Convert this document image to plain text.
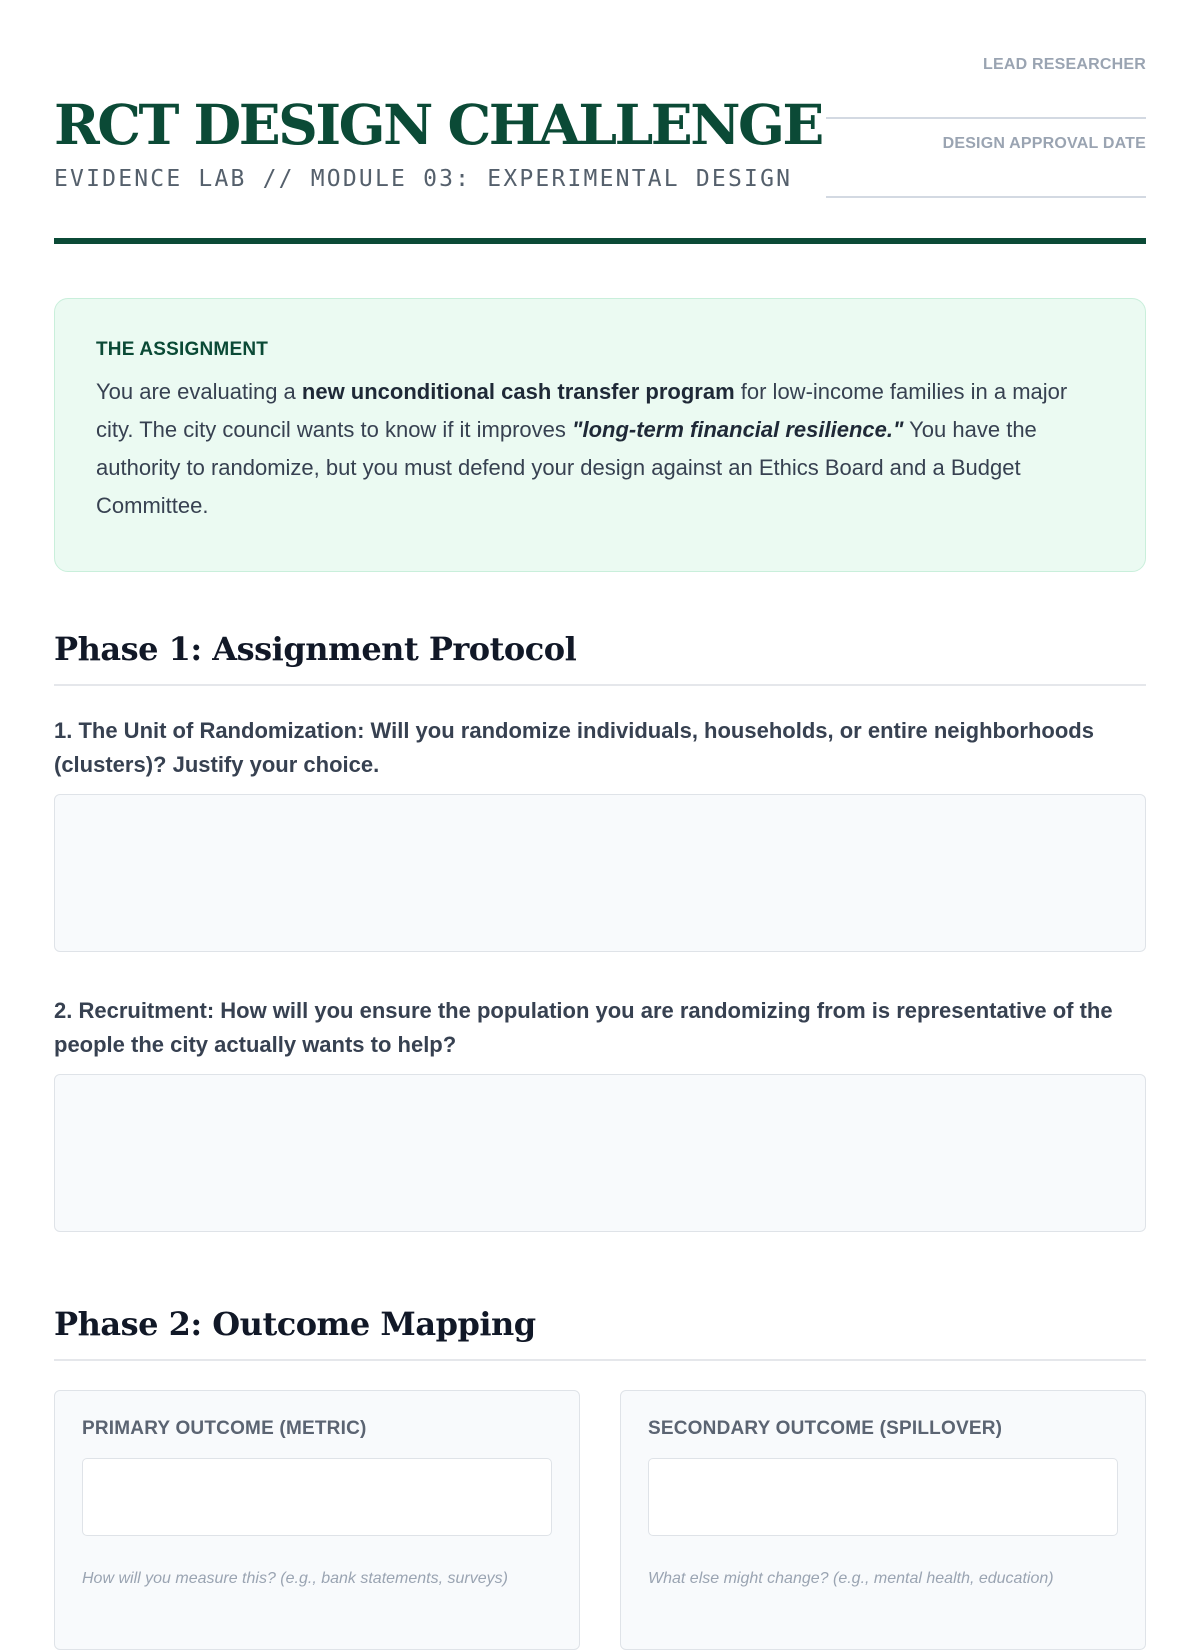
RCT DESIGN CHALLENGE
EVIDENCE LAB // MODULE 03: EXPERIMENTAL DESIGN
LEAD RESEARCHER
DESIGN APPROVAL DATE
THE ASSIGNMENT

You are evaluating a new unconditional cash transfer program for low-income families in a major city. The city council wants to know if it improves "long-term financial resilience." You have the authority to randomize, but you must defend your design against an Ethics Board and a Budget Committee.

Phase 1: Assignment Protocol

1. The Unit of Randomization: Will you randomize individuals, households, or entire neighborhoods (clusters)? Justify your choice.

2. Recruitment: How will you ensure the population you are randomizing from is representative of the people the city actually wants to help?

Phase 2: Outcome Mapping
PRIMARY OUTCOME (METRIC)
How will you measure this? (e.g., bank statements, surveys)
SECONDARY OUTCOME (SPILLOVER)
What else might change? (e.g., mental health, education)
